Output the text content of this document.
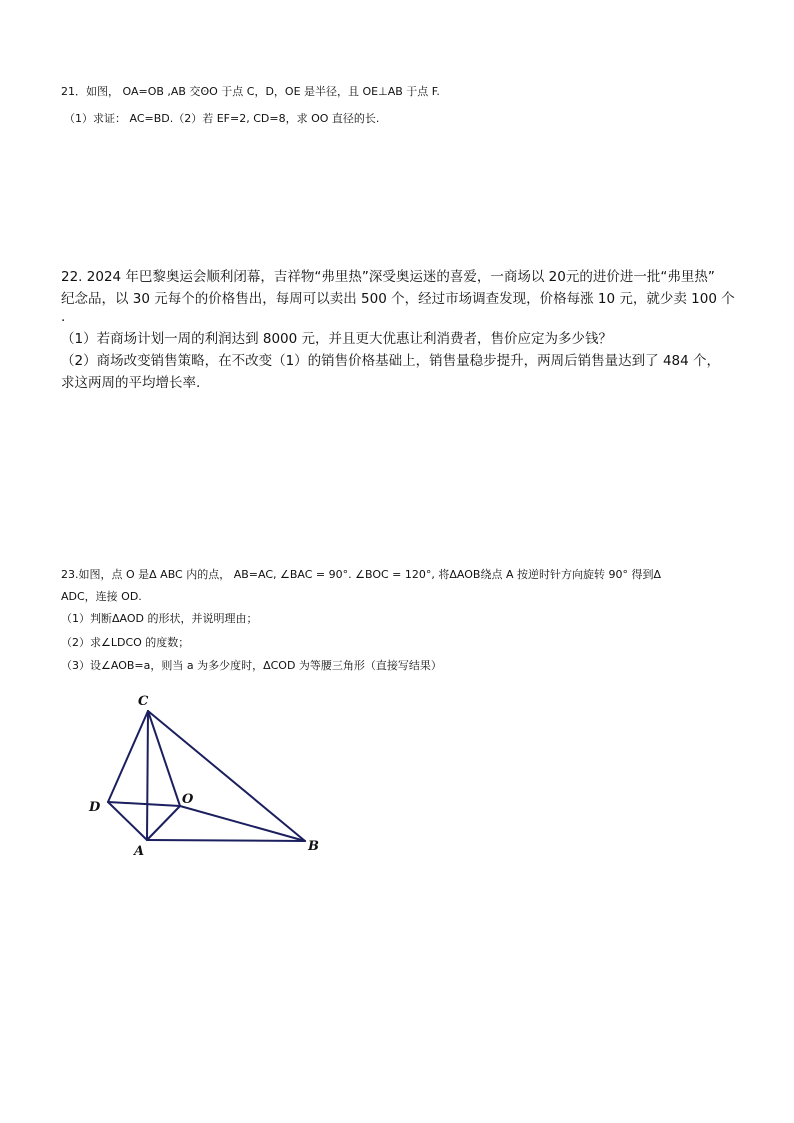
21．如图， OA=OB ,AB 交ʘO 于点 C，D，OE 是半径，且 OE⊥AB 于点 F.
（1）求证： AC=BD.（2）若 EF=2, CD=8，求 OO 直径的长.
22. 2024 年巴黎奥运会顺利闭幕，吉祥物“弗里热”深受奥运迷的喜爱，一商场以 20元的进价进一批“弗里热”
纪念品，以 30 元每个的价格售出，每周可以卖出 500 个，经过市场调查发现，价格每涨 10 元，就少卖 100 个
.
（1）若商场计划一周的利润达到 8000 元，并且更大优惠让利消费者，售价应定为多少钱？
（2）商场改变销售策略，在不改变（1）的销售价格基础上，销售量稳步提升，两周后销售量达到了 484 个，
求这两周的平均增长率.
23.如图，点 O 是Δ ABC 内的点， AB=AC, ∠BAC = 90°. ∠BOC = 120°, 将ΔAOB绕点 A 按逆时针方向旋转 90° 得到Δ
ADC，连接 OD.
（1）判断ΔAOD 的形状，并说明理由；
（2）求∠LDCO 的度数；
（3）设∠AOB=a，则当 a 为多少度时，ΔCOD 为等腰三角形（直接写结果）
C
D
O
A	B
